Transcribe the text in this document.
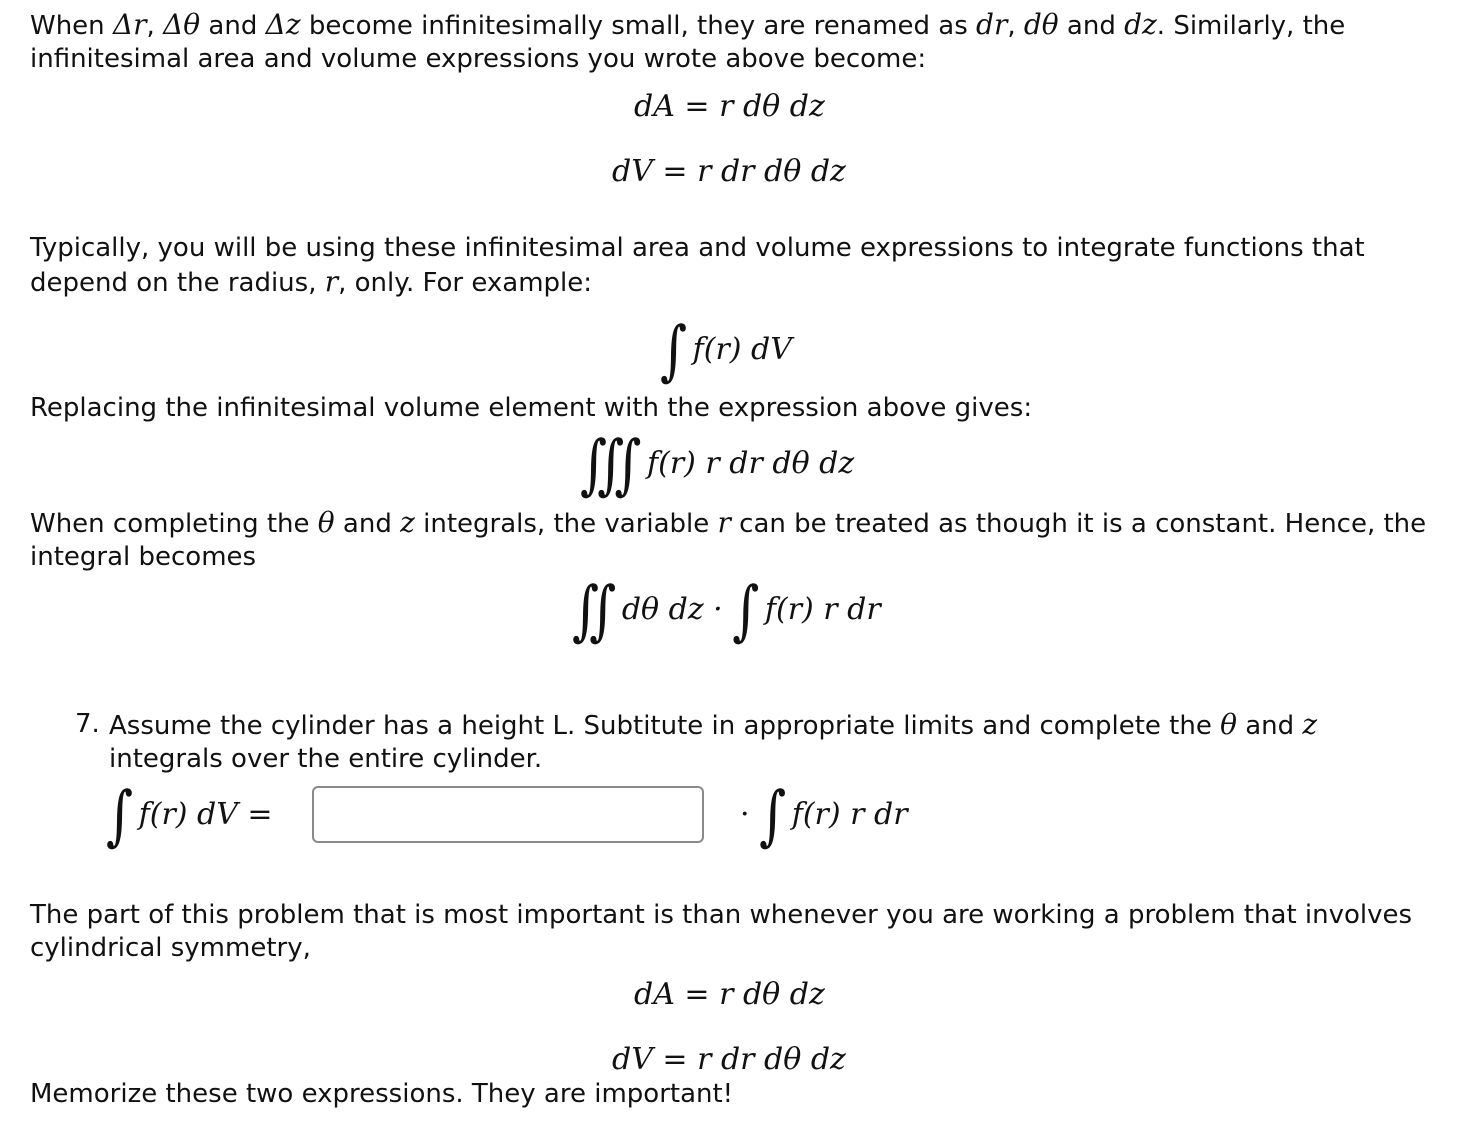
When Δr, Δθ and Δz become infinitesimally small, they are renamed as dr, dθ and dz. Similarly, the infinitesimal area and volume expressions you wrote above become:

dA = r dθ dz
dV = r dr dθ dz

Typically, you will be using these infinitesimal area and volume expressions to integrate functions that depend on the radius, r, only. For example:

∫ f(r) dV

Replacing the infinitesimal volume element with the expression above gives:

∭ f(r) r dr dθ dz

When completing the θ and z integrals, the variable r can be treated as though it is a constant. Hence, the integral becomes

∬ dθ dz · ∫ f(r) r dr
7. Assume the cylinder has a height L. Subtitute in appropriate limits and complete the θ and z integrals over the entire cylinder.
∫ f(r) dV =	· ∫ f(r) r dr

The part of this problem that is most important is than whenever you are working a problem that involves cylindrical symmetry,

dA = r dθ dz
dV = r dr dθ dz

Memorize these two expressions. They are important!
